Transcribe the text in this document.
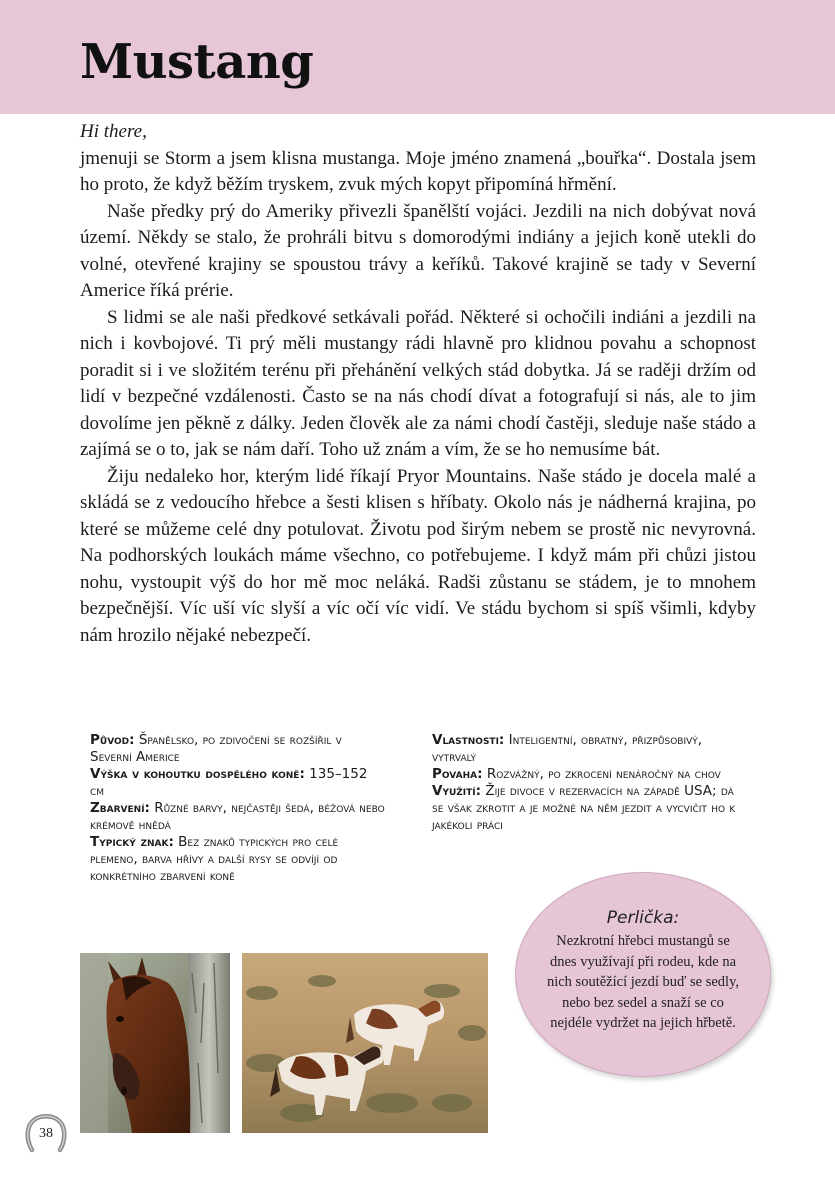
Mustang

Hi there,

jmenuji se Storm a jsem klisna mustanga. Moje jméno znamená „bouřka“. Dostala jsem ho proto, že když běžím tryskem, zvuk mých kopyt připomíná hřmění.

Naše předky prý do Ameriky přivezli španělští vojáci. Jezdili na nich dobývat nová území. Někdy se stalo, že prohráli bitvu s domorodými indiány a jejich koně utekli do volné, otevřené krajiny se spoustou trávy a keříků. Takové krajině se tady v Severní Americe říká prérie.

S lidmi se ale naši předkové setkávali pořád. Některé si ochočili indiáni a jezdili na nich i kovbojové. Ti prý měli mustangy rádi hlavně pro klidnou povahu a schopnost poradit si i ve složitém terénu při přehánění velkých stád dobytka. Já se raději držím od lidí v bezpečné vzdálenosti. Často se na nás chodí dívat a fotografují si nás, ale to jim dovolíme jen pěkně z dálky. Jeden člověk ale za námi chodí častěji, sleduje naše stádo a zajímá se o to, jak se nám daří. Toho už znám a vím, že se ho nemusíme bát.

Žiju nedaleko hor, kterým lidé říkají Pryor Mountains. Naše stádo je docela malé a skládá se z vedoucího hřebce a šesti klisen s hříbaty. Okolo nás je nádherná krajina, po které se můžeme celé dny potulovat. Životu pod širým nebem se prostě nic nevyrovná. Na podhorských loukách máme všechno, co potřebujeme. I když mám při chůzi jistou nohu, vystoupit výš do hor mě moc neláká. Radši zůstanu se stádem, je to mnohem bezpečnější. Víc uší víc slyší a víc očí víc vidí. Ve stádu bychom si spíš všimli, kdyby nám hrozilo nějaké nebezpečí.

Původ: Španělsko, po zdivočení se rozšířil v Severní Americe

Výška v kohoutku dospělého koně: 135–152 cm

Zbarvení: Různé barvy, nejčastěji šedá, béžová nebo krémově hnědá

Typický znak: Bez znaků typických pro celé plemeno, barva hřívy a další rysy se odvíjí od konkrétního zbarvení koně

Vlastnosti: Inteligentní, obratný, přizpůsobivý, vytrvalý

Povaha: Rozvážný, po zkrocení nenáročný na chov

Využití: Žije divoce v rezervacích na západě USA; dá se však zkrotit a je možné na něm jezdit a vycvičit ho k jakékoli práci

Perlička:

Nezkrotní hřebci mustangů se dnes využívají při rodeu, kde na nich soutěžící jezdí buď se sedly, nebo bez sedel a snaží se co nejdéle vydržet na jejich hřbetě.

38
